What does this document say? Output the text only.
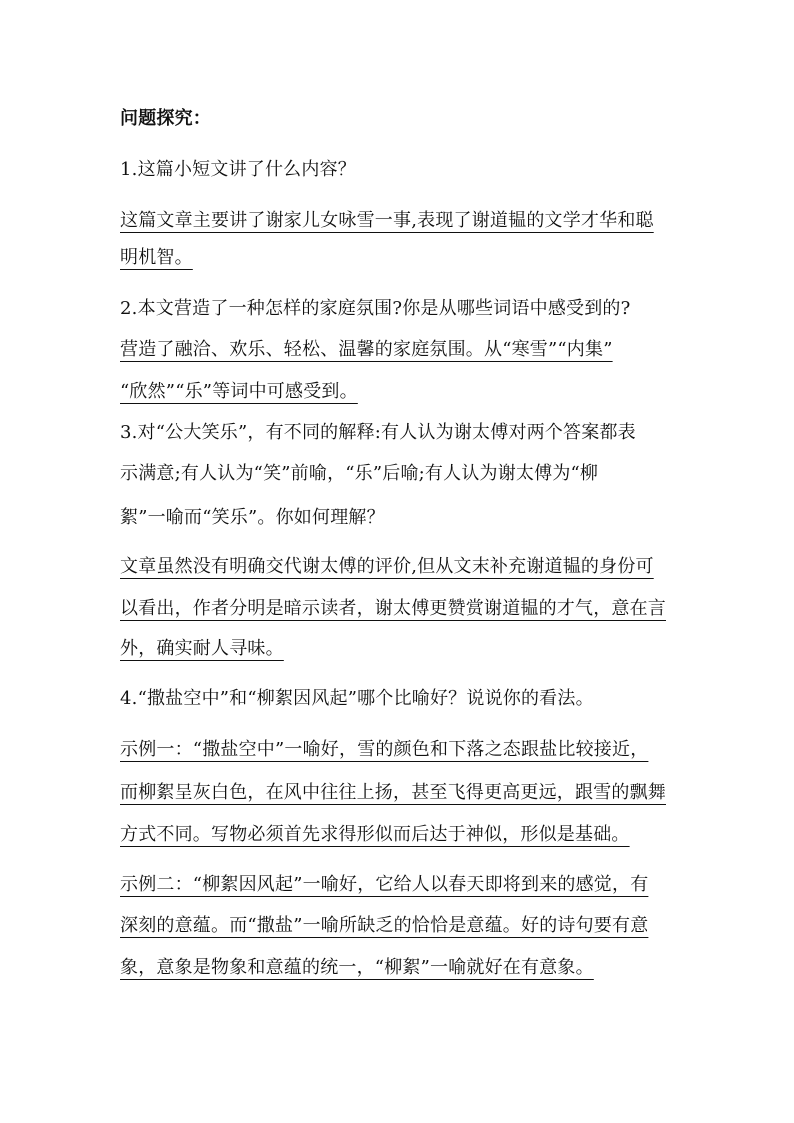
问题探究：
1.这篇小短文讲了什么内容？
这篇文章主要讲了谢家儿女咏雪一事,表现了谢道韫的文学才华和聪
明机智。
2.本文营造了一种怎样的家庭氛围?你是从哪些词语中感受到的?
营造了融洽、欢乐、轻松、温馨的家庭氛围。从“寒雪”“内集”
“欣然”“乐”等词中可感受到。
3.对“公大笑乐”，有不同的解释:有人认为谢太傅对两个答案都表
示满意;有人认为“笑”前喻，“乐”后喻;有人认为谢太傅为“柳
絮”一喻而“笑乐”。你如何理解？
文章虽然没有明确交代谢太傅的评价,但从文末补充谢道韫的身份可
以看出，作者分明是暗示读者，谢太傅更赞赏谢道韫的才气，意在言
外，确实耐人寻味。
4.“撒盐空中”和“柳絮因风起”哪个比喻好？说说你的看法。
示例一：“撒盐空中”一喻好，雪的颜色和下落之态跟盐比较接近，
而柳絮呈灰白色，在风中往往上扬，甚至飞得更高更远，跟雪的飘舞
方式不同。写物必须首先求得形似而后达于神似，形似是基础。
示例二：“柳絮因风起”一喻好，它给人以春天即将到来的感觉，有
深刻的意蕴。而“撒盐”一喻所缺乏的恰恰是意蕴。好的诗句要有意
象，意象是物象和意蕴的统一，“柳絮”一喻就好在有意象。
